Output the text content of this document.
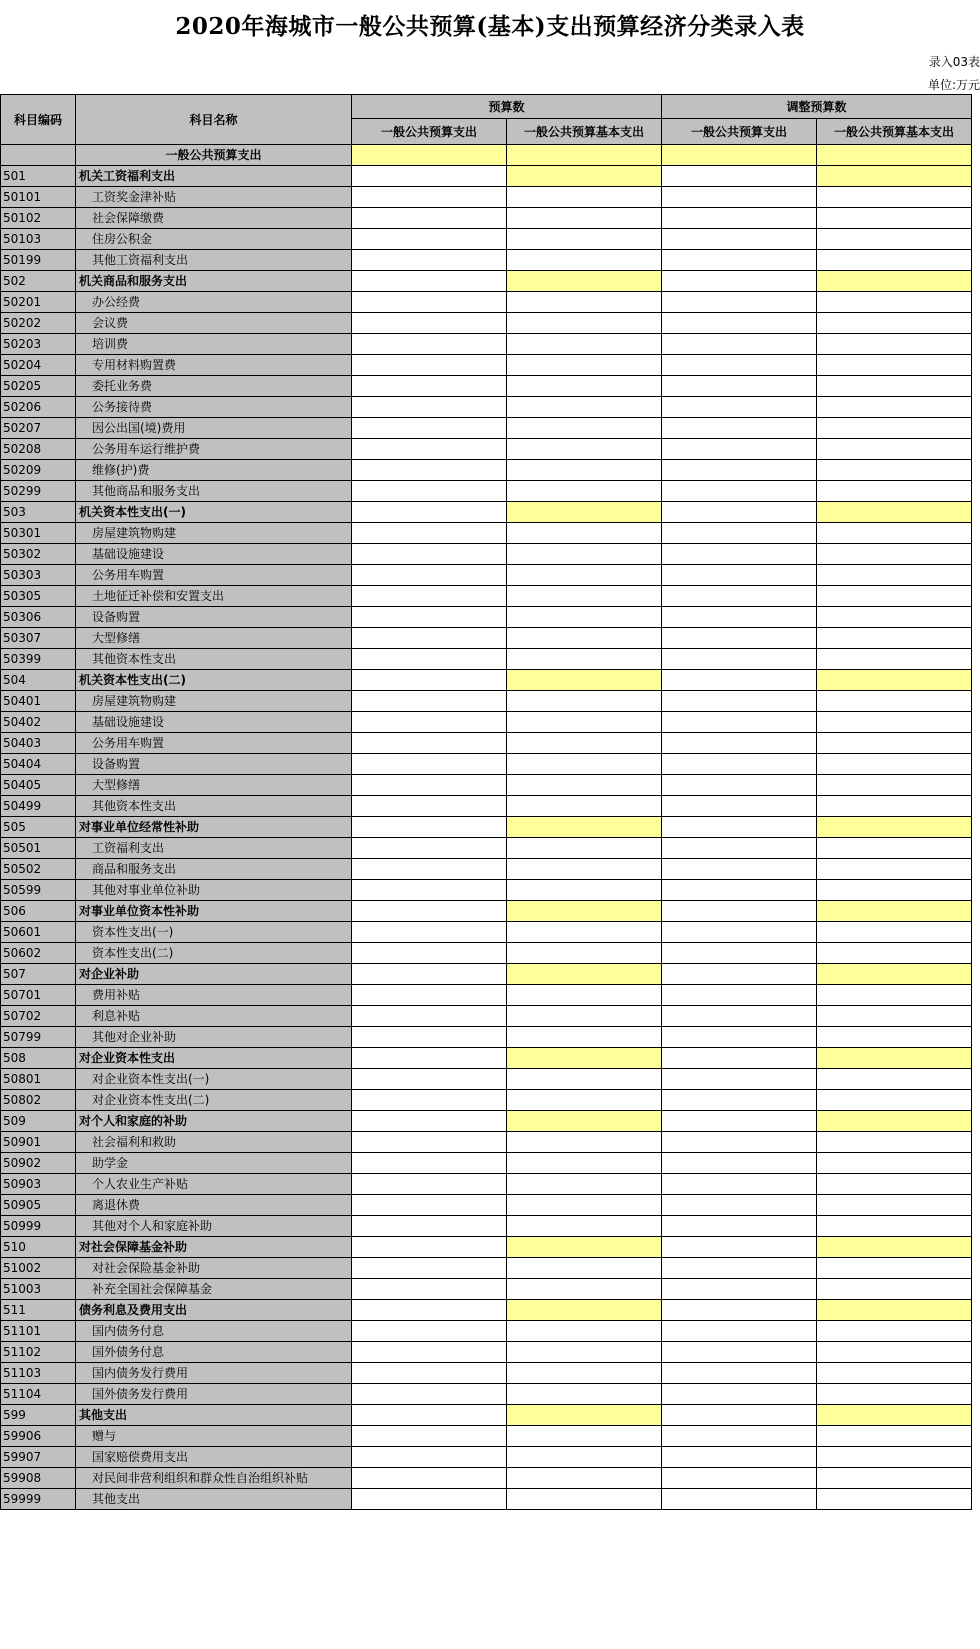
2020年海城市一般公共预算(基本)支出预算经济分类录入表
录入03表
单位:万元
科目编码	科目名称	预算数		调整预算数	
		一般公共预算支出	一般公共预算基本支出	一般公共预算支出	一般公共预算基本支出
	一般公共预算支出				
501	机关工资福利支出				
50101	工资奖金津补贴				
50102	社会保障缴费				
50103	住房公积金				
50199	其他工资福利支出				
502	机关商品和服务支出				
50201	办公经费				
50202	会议费				
50203	培训费				
50204	专用材料购置费				
50205	委托业务费				
50206	公务接待费				
50207	因公出国(境)费用				
50208	公务用车运行维护费				
50209	维修(护)费				
50299	其他商品和服务支出				
503	机关资本性支出(一)				
50301	房屋建筑物购建				
50302	基础设施建设				
50303	公务用车购置				
50305	土地征迁补偿和安置支出				
50306	设备购置				
50307	大型修缮				
50399	其他资本性支出				
504	机关资本性支出(二)				
50401	房屋建筑物购建				
50402	基础设施建设				
50403	公务用车购置				
50404	设备购置				
50405	大型修缮				
50499	其他资本性支出				
505	对事业单位经常性补助				
50501	工资福利支出				
50502	商品和服务支出				
50599	其他对事业单位补助				
506	对事业单位资本性补助				
50601	资本性支出(一)				
50602	资本性支出(二)				
507	对企业补助				
50701	费用补贴				
50702	利息补贴				
50799	其他对企业补助				
508	对企业资本性支出				
50801	对企业资本性支出(一)				
50802	对企业资本性支出(二)				
509	对个人和家庭的补助				
50901	社会福利和救助				
50902	助学金				
50903	个人农业生产补贴				
50905	离退休费				
50999	其他对个人和家庭补助				
510	对社会保障基金补助				
51002	对社会保险基金补助				
51003	补充全国社会保障基金				
511	债务利息及费用支出				
51101	国内债务付息				
51102	国外债务付息				
51103	国内债务发行费用				
51104	国外债务发行费用				
599	其他支出				
59906	赠与				
59907	国家赔偿费用支出				
59908	对民间非营利组织和群众性自治组织补贴				
59999	其他支出				
